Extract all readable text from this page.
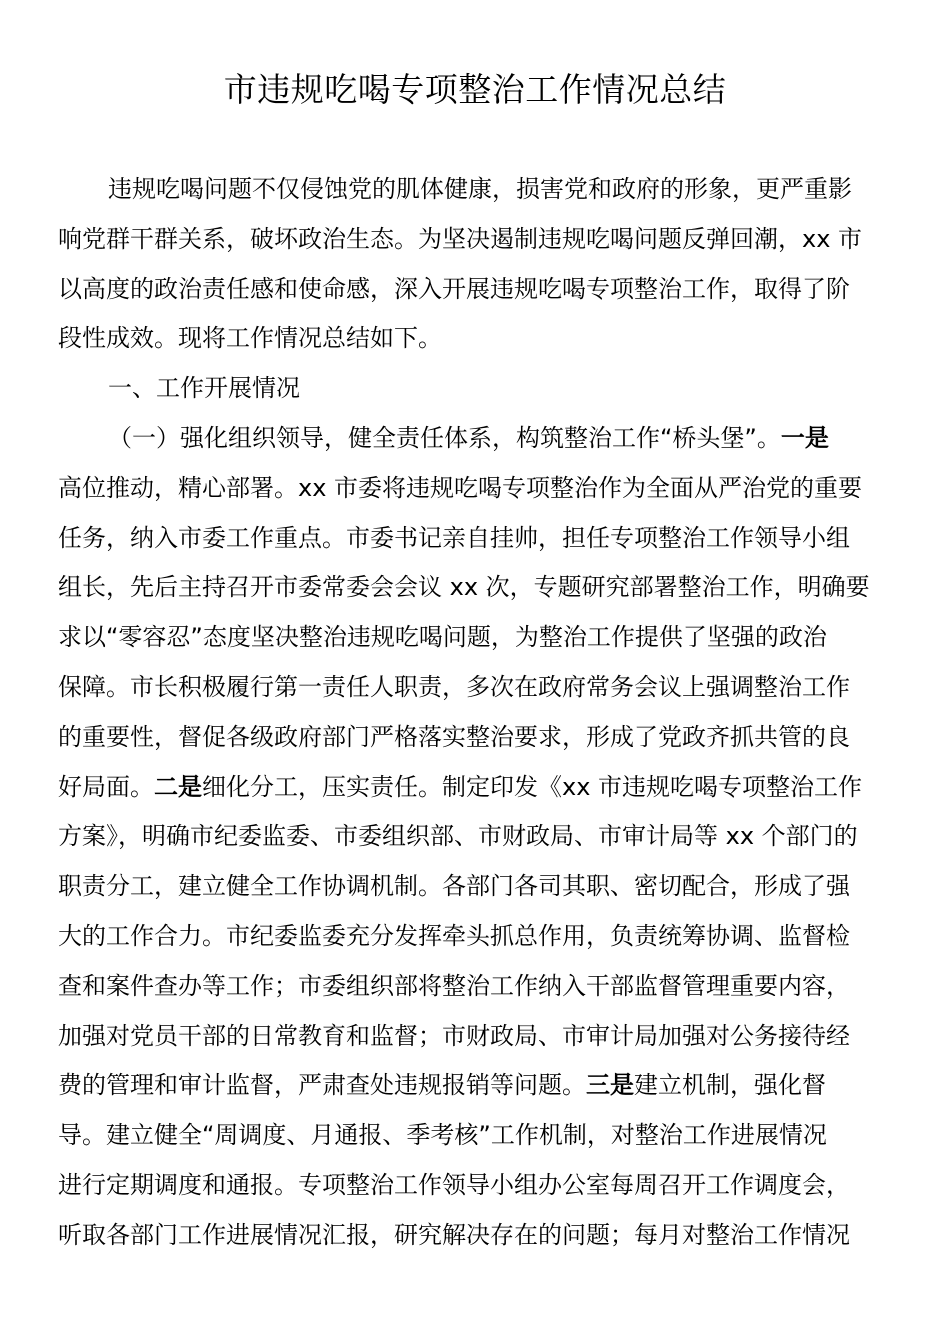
市违规吃喝专项整治工作情况总结
违规吃喝问题不仅侵蚀党的肌体健康，损害党和政府的形象，更严重影
响党群干群关系，破坏政治生态。为坚决遏制违规吃喝问题反弹回潮，xx 市
以高度的政治责任感和使命感，深入开展违规吃喝专项整治工作，取得了阶
段性成效。现将工作情况总结如下。
一、工作开展情况
（一）强化组织领导，健全责任体系，构筑整治工作“桥头堡”。一是
高位推动，精心部署。xx 市委将违规吃喝专项整治作为全面从严治党的重要
任务，纳入市委工作重点。市委书记亲自挂帅，担任专项整治工作领导小组
组长，先后主持召开市委常委会会议 xx 次，专题研究部署整治工作，明确要
求以“零容忍”态度坚决整治违规吃喝问题，为整治工作提供了坚强的政治
保障。市长积极履行第一责任人职责，多次在政府常务会议上强调整治工作
的重要性，督促各级政府部门严格落实整治要求，形成了党政齐抓共管的良
好局面。二是细化分工，压实责任。制定印发《xx 市违规吃喝专项整治工作
方案》，明确市纪委监委、市委组织部、市财政局、市审计局等 xx 个部门的
职责分工，建立健全工作协调机制。各部门各司其职、密切配合，形成了强
大的工作合力。市纪委监委充分发挥牵头抓总作用，负责统筹协调、监督检
查和案件查办等工作；市委组织部将整治工作纳入干部监督管理重要内容，
加强对党员干部的日常教育和监督；市财政局、市审计局加强对公务接待经
费的管理和审计监督，严肃查处违规报销等问题。三是建立机制，强化督
导。建立健全“周调度、月通报、季考核”工作机制，对整治工作进展情况
进行定期调度和通报。专项整治工作领导小组办公室每周召开工作调度会，
听取各部门工作进展情况汇报，研究解决存在的问题；每月对整治工作情况
